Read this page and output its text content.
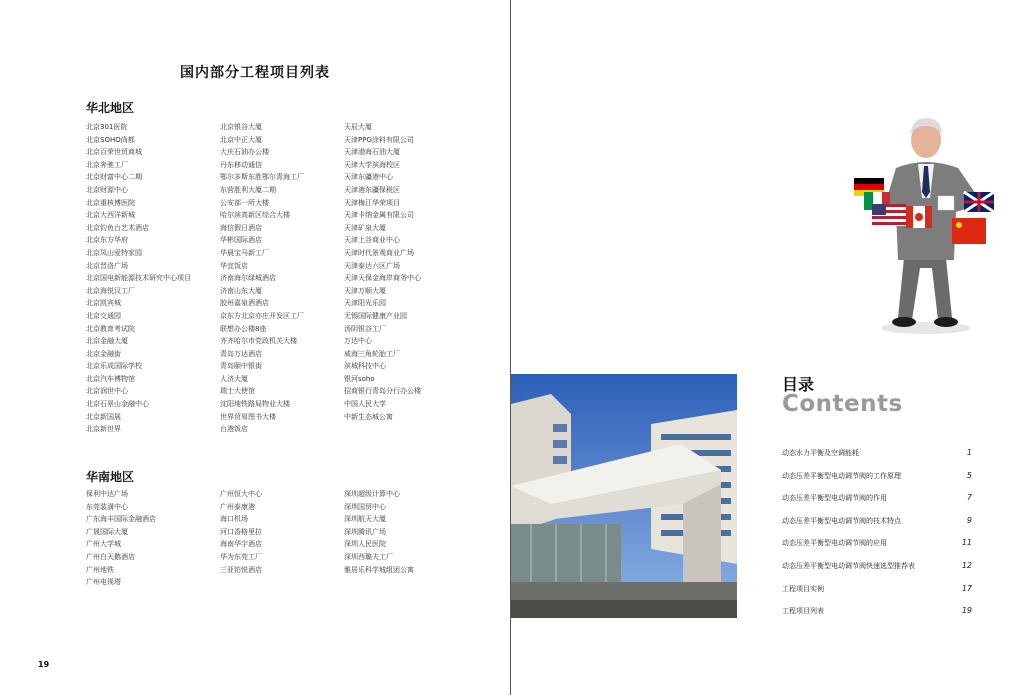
国内部分工程项目列表
华北地区
北京301医院
北京SOHO尚都
北京百荣世贸商城
北京奔驰工厂
北京财富中心二期
北京财源中心
北京重核博医院
北京大西洋新城
北京钓鱼台艺术酒店
北京东方华府
北京凤山爱特家园
北京晋洛广场
北京国电新能源技术研究中心项目
北京海悦汉工厂
北京凯宾城
北京交通园
北京教育考试院
北京金融大厦
北京金融街
北京乐成国际学校
北京汽车博物馆
北京润世中心
北京石景山金融中心
北京新国展
北京新世界
北京银谷大厦
北京中正大厦
大庆石油办公楼
丹东移动通信
鄂尔多斯东胜鄂尔青海工厂
东营胜利大厦二期
公安部一所大楼
哈尔滨高新区综合大楼
海信假日酒店
华彬国际酒店
华晨宝马新工厂
华宜饭店
济南海尔绿城酒店
济南山东大厦
胶州嘉泉酒酒店
京东方北京亦庄开发区工厂
联想办公楼8座
齐齐哈尔市党政机关大楼
青岛万达酒店
青岛颐中银街
人济大厦
瑞士大使馆
沈阳地铁路局物业大楼
世界贸易图书大楼
台港饭店
天辰大厦
天津PPG涂料有限公司
天津渤海石油大厦
天津大学滨海校区
天津东疆港中心
天津港东疆保税区
天津梅江华荣项目
天津卡纳金属有限公司
天津矿泉大厦
天津上谷商业中心
天津时代景观商业广场
天津泰达六区广场
天津天保金海岸商务中心
天津万顺大厦
天津阳光乐园
无锡国际健康产业园
汤阴银谷工厂
万达中心
威海三角轮胎工厂
滨城科技中心
银河soho
招商银行青岛分行办公楼
中国人民大学
中新生态城公寓
华南地区
保利中达广场
东莞装潢中心
广东海丰国际金融酒店
广晟国际大厦
广州大学城
广州白天鹅酒店
广州地铁
广州电视塔
广州恒大中心
广州泰康港
海口机场
河口香格里拉
海南华宇酒店
华为东莞工厂
三亚铂悦酒店
深圳超级计算中心
深圳国贸中心
深圳航天大厦
深圳腾讯广场
深圳人民医院
深圳西璐夫工厂
雅居乐科学城组团公寓
19
目录
Contents
动态水力平衡及空调能耗	1
动态压差平衡型电动调节阀的工作原理	5
动态压差平衡型电动调节阀的作用	7
动态压差平衡型电动调节阀的技术特点	9
动态压差平衡型电动调节阀的应用	11
动态压差平衡型电动调节阀快速选型推荐表	12
工程项目实例	17
工程项目列表	19
